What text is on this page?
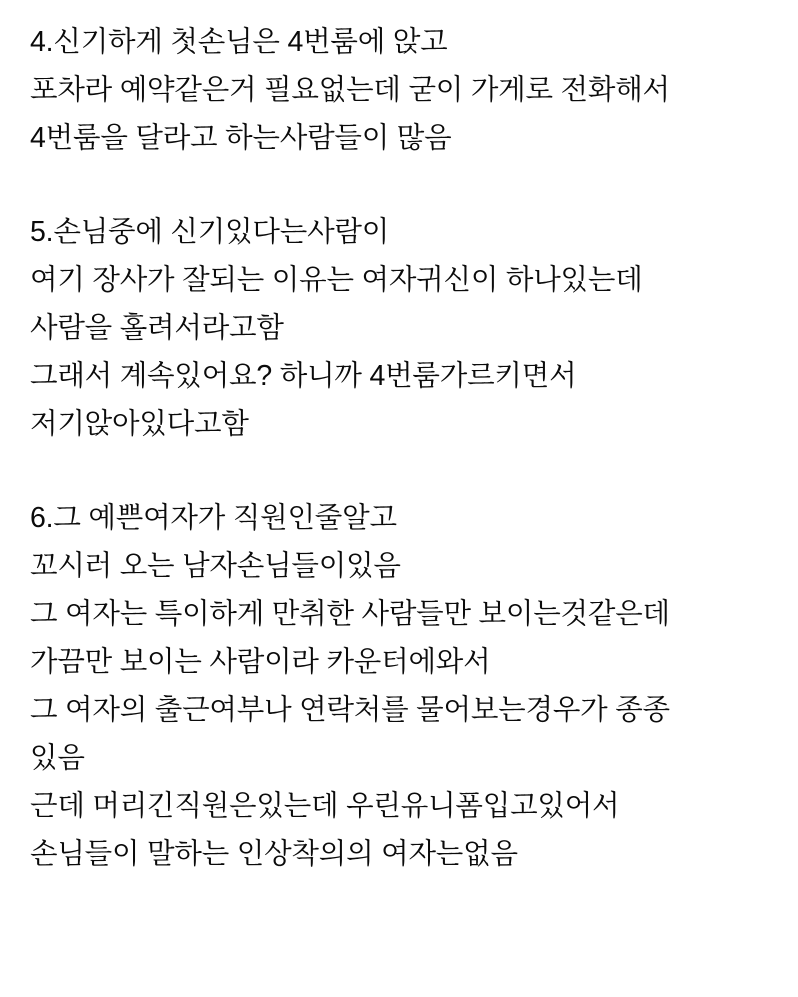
4.신기하게 첫손님은 4번룸에 앉고
포차라 예약같은거 필요없는데 굳이 가게로 전화해서
4번룸을 달라고 하는사람들이 많음
5.손님중에 신기있다는사람이
여기 장사가 잘되는 이유는 여자귀신이 하나있는데
사람을 홀려서라고함
그래서 계속있어요? 하니까 4번룸가르키면서
저기앉아있다고함
6.그 예쁜여자가 직원인줄알고
꼬시러 오는 남자손님들이있음
그 여자는 특이하게 만취한 사람들만 보이는것같은데
가끔만 보이는 사람이라 카운터에와서
그 여자의 출근여부나 연락처를 물어보는경우가 종종
있음
근데 머리긴직원은있는데 우린유니폼입고있어서
손님들이 말하는 인상착의의 여자는없음
